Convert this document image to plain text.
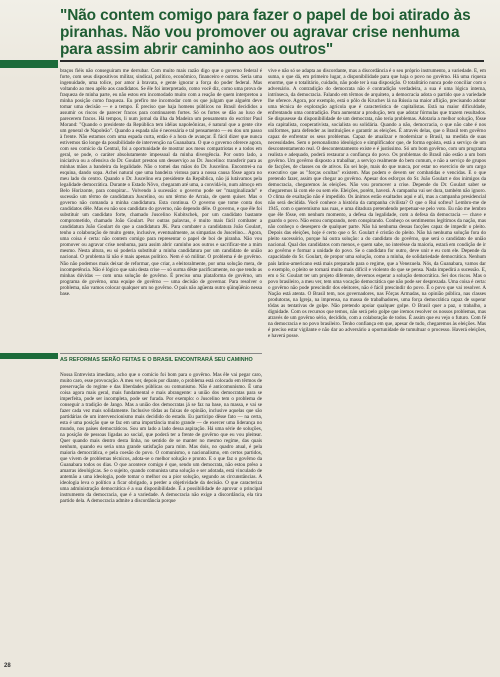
"Não contem comigo para fazer o papel de boi atirado às piranhas. Não vou promover ou agravar crise nenhuma para assim abrir caminho aos outros"
braços fiéis não conseguiram me derrubar. Com muito mais razão digo que o governo federal é forte, com seus dispositivos militar, sindical, político, econômico, financeiro e outros. Seria uma ingenuidade, uma tolice, por amor à bravata, e gente ignorar a força do poder federal. Mas voltando ao meu apêlo aos candidatos. Se êle foi interpretado, como você diz, como uma prova de fraqueza de minha parte, eu não estou em incomodado muito com a reação de quem interpretou a minha posição como fraqueza. Eu prefiro me incomodar com os que julgam que alguém deve tomar uma decisão — e a tempo. É preciso que haja homens públicos no Brasil decididos a assumir os riscos de parecer fracos para continuarem fortes. Só os fortes se dão ao luxo de parecerem fracos. Há tempos, li num jornal da ilha da Madeira um pensamento do escritor Paul Morand: "Quando o presidente da República tem idéias napoleônicas, é natural que a gente cite um general de Napoleão". Quando a espada não é necessária e tal pensamento — eu dou um passo à frente. Não estamos com uma espada curta, então é a hora de avançar. É fácil dizer que nunca estivemos tão longe da possibilidade de intervenção na Guanabara. O que o governo oferece agora, com seu comício da Central, foi a oportunidade de mostrar aos meus compatriotas e a todos em geral, se pude, o caráter absolutamente impessoal da minha divergência. Por outro lado, a iniciativa ou a ofensiva do Dr. Goulart prestou um desserviço ao Dr. Juscelino: transferir para as minhas mãos a bandeira da legalidade. Não o tomei das mãos do Dr. Juscelino. Encontrei-a na esquina, dando sopa. Achei natural que uma bandeira vistosa para a nossa causa fôsse agora no meu lado do centro. Quando o Dr. Juscelino era presidente da República, não já lutávamos pela legalidade democrática. Durante o Estado Nôvo, chegaram até uma, a convidá-lo, num almoço em Belo Horizonte, para conspirar... Volvendo à sucessão: o governo pode ser "marginalizado" e sucessão um têrmo de candidatura Juscelino, ou um têrmo de Arraia, de quem quiser. Mas o governo não comanda a minha candidatura. Esta continua. O governo que tome conta dos candidatos dêle. Mas eu não sou candidato do governo, não dependo dêle. O governo, e que êle foi substituir um candidato forte, chamado Juscelino Kubitschek, por um candidato bastante comprometido, chamado João Goulart. Por outras palavras, é muito mais fácil combater a candidatura João Goulart do que a candidatura JK. Para combater a candidatura João Goulart, tenho a colaboração de muito gente, inclusive, eventualmente, as simpatias do Juscelino... Agora, uma coisa é certa: não contem comigo para representar o papel de boi de piranha. Não vou promover ou agravar crise nenhuma, para assim abrir caminho aos outros e sacrificar-me a mim mesmo. Nesta altura, eu só poderia substituir a minha candidatura por um candidato de união nacional. O problema lá não é mais apenas político. Nem é só militar. O problema é de govêrno. Não não podemos mais deixar de reformar, que criar, a eleitoralmente, por uma solução mera, de incompetência. Não é lógico que saiu desta crise — só surma dêste pacificamente, no que tendo as minhas dúvidas — com uma solução de govêrno. É preciso uma plataforma de govêrno, um programa de govêrno, uma equipe de govêrno — uma decisão de governar. Para resolver o problema, não vamos colocar qualquer um no govêrno. O país não agüenta outro qüinqüênio nessa base.
AS REFORMAS SERÃO FEITAS E O BRASIL ENCONTRARÁ SEU CAMINHO
Nossa Entrevista imediato, acho que o comício foi bom para o govêrno. Mas êle vai pegar caro, muito caro, esse provocação. A meu ver, depois por diante, o problema está colocado em têrmos de preservação do regime e das liberdades públicas ou comunismo. Não é anticomunismo. É uma coisa agora mais geral, mais fundamental e mais abrangente: a união dos democratas para se imperfeita, pode ser incompleta, pode ser furada. Por exemplo: o Juscelino tem o problema de conseguir a tradição de Jango. Mas a união dos democratas já se faz na base, na massa, e vai se fazer cada vez mais solidamente. Inclusive tôdas as faixas de opinião, inclusive aquelas que são partidárias de um intervencionismo mais decidido do estado. Eu participo dêsse fato — na certa, esta é uma posição que se faz em uma importância muito grande — de exercer uma liderança no mundo, nos países democráticos. Sou um lado a lado dessa aspiração. Há uma série de soluções, na posição de pessoas ligadas ao social, que poderá ter a frente de govêrno que eu vou pleitear. Quer quando mais dentro desta linha, no sentido de se manter no mesmo regime, das quais nenhum, quando eu seria uma grande satisfação para mim. Mas dois, no quadro atual, é pela maioria democrática, e pela coesão do povo. O comunismo, o nacionalismo, em certos partidos, que vivem de problemas técnicos, adota-se o melhor solução e pronto. E o que faz o govêrno da Guanabara todos os dias. O que acontece comigo é que, sendo um democrata, não estou prêso a amarras ideológicas. Se o sujeito, quando comunista uma solução e ser adotada, está vinculado de antemão a uma ideologia, pode tomar o melhor ou a pior solução, segundo as circunstâncias. A ideologia leva o político a ficar obrigado, a perder a objetividade da decisão. O que caracteriza uma administração democrática é a sua disponibilidade. É a possibilidade de aprovar o principal instrumento da democracia, que é a variedade. A democracia não exige a discordância, ela tira partido dela. A democracia admite a discordância porque
vive e não só se adapta ao discordante, mas a discordância é o seu próprio instrumento, a variedade. É, em suma, o que dá, em primeiro lugar, a disponibilidade para que haja o povo no govêrno. Há uma riqueza enorme, que o totalitário, cuidado, não pode ter à sua disposição. O totalitário nunca pode conciliar com o adversário. A contradição do democrata não é contradição verdadeira, a sua é uma lógica interna, intrínseca, da democracia. Falando em têrmos de arquiteto, a democracia adota o partido que a variedade lhe oferece. Agora, por exemplo, está o pôlo do Kruchev lá na Rússia na maior aflição, precisando adotar uma técnica de exploração agrícola que é característica de capitalistas. Está na maior dificuldade, enfrentando uma contradição. Para aumentar a produção, tem que adotar fórmulas que trazem resultados. Se dispusesse da disponibilidade de um democrata, não teria problemas. Adotaria a melhor solução, fôsse ela capitalista, cooperativista, socialista ou solidária. Quando a não, democracia, o que não cabe é nos uniformes, para defender as instituições e garantir as eleições. É através delas, que o Brasil tem govêrno capaz de enfrentar os seus problemas. Capaz de atualizar e modernizar o Brasil, na medida de suas necessidades. Sem o personalismo ideológico e simplificador que, de forma egoísta, está a serviço de um descontentamento real. O descontentamento existe e é justíssimo. Só um bom govêrno, com um programa realista e adequado, poderá restaurar a confiança do povo. Os problemas do Brasil não estão a um bom govêrno. Um govêrno disposto a trabalhar, a serviço realmente do bem comum, e não a serviço de grupos de facções, de classes ou de ativos. Eu sei hoje, mais do que nunca, por estar no exercício de um cargo executivo que as "forças ocultas" existem. Mas podem e devem ser combatidas e vencidas. E o que pretendo fazer, assim que chegar ao govêrno. Apesar dos esforços do Sr. João Goulart e dos inimigos da democracia, chegaremos às eleições. Não vou promover a crise. Depende do Dr. Goulart saber se chegaremos lá com ele ou sem ele. Eleições, porém, haverá. A campanha vai ser dura, também não ignoro. O clima de exaltação não é impedido. Os ânimos estão exaltados aqui e ali, mas a campanha presidencial não será decidida. Você conhece a história da campanha civilista? O que o Rui sofreu? Lembro-me de 1945, com o queremismo nas ruas, e uma ditadura pretendendo perpetuar-se pelo voto. Eu não me lembro que êle fôsse, em nenhum momento, a defesa da legalidade, com a defesa da democracia — chave e guardo o povo. Não estou comprando, nem conspirando. Conheço os sentimentos legítimos da nação, mas não conheço o desespero de qualquer parte. Não há nenhuma dessas facções capaz de impedir o pleito. Depois das eleições, hoje é certo que o Sr. Goulart é cristão do pleito. Não há nenhuma solução fora do pleito sucessório, porque há outra solução: a do candidato do govêrno, que será o candidato de união nacional. Qual dos candidatos com menos, e quem sabe, no interêsse da maioria, estará em condição de ir ao govêrno e formar a unidade do povo. Se o candidato for outro, deve unir e eu com ele. Depende da capacidade do Sr. Goulart, de propor uma solução, como a minha, de solidariedade democrática. Nenhum país latino-americano está mais preparado para o regime, que a Venezuela. Nós, da Guanabara, vamos dar o exemplo, o pleito se tornará muito mais difícil e violento do que se pensa. Nada impedirá a sucessão. E, em o Sr. Goulart ter um projeto diferente, devemos esperar a solução democrática. Sei dos riscos. Mas o povo brasileiro, a meu ver, tem uma vocação democrática que não pode ser desprezada. Uma coisa é certa: o govêrno não pode prescindir dos eleitores, não é fácil prescindir do povo. É o povo que vai resolver. A Nação está atenta. O Brasil tem, nos governadores, nas Fôrças Armadas, na opinião pública, nas classes produtoras, na Igreja, na imprensa, na massa de trabalhadores, uma força democrática capaz de superar tôdas as tentativas de golpe. Não pretendo apoiar qualquer golpe. O Brasil quer a paz, o trabalho, a dignidade. Com os recursos que temos, não será pelo golpe que iremos resolver os nossos problemas, mas através de um govêrno sério, decidido, com a colaboração de todos. É assim que eu vejo o futuro. Com fé na democracia e no povo brasileiro. Tenho confiança em que, apesar de tudo, chegaremos às eleições. Mas é preciso estar vigilante e não dar ao adversário a oportunidade de tumultuar o processo. Haverá eleições, e haverá posse.
28
